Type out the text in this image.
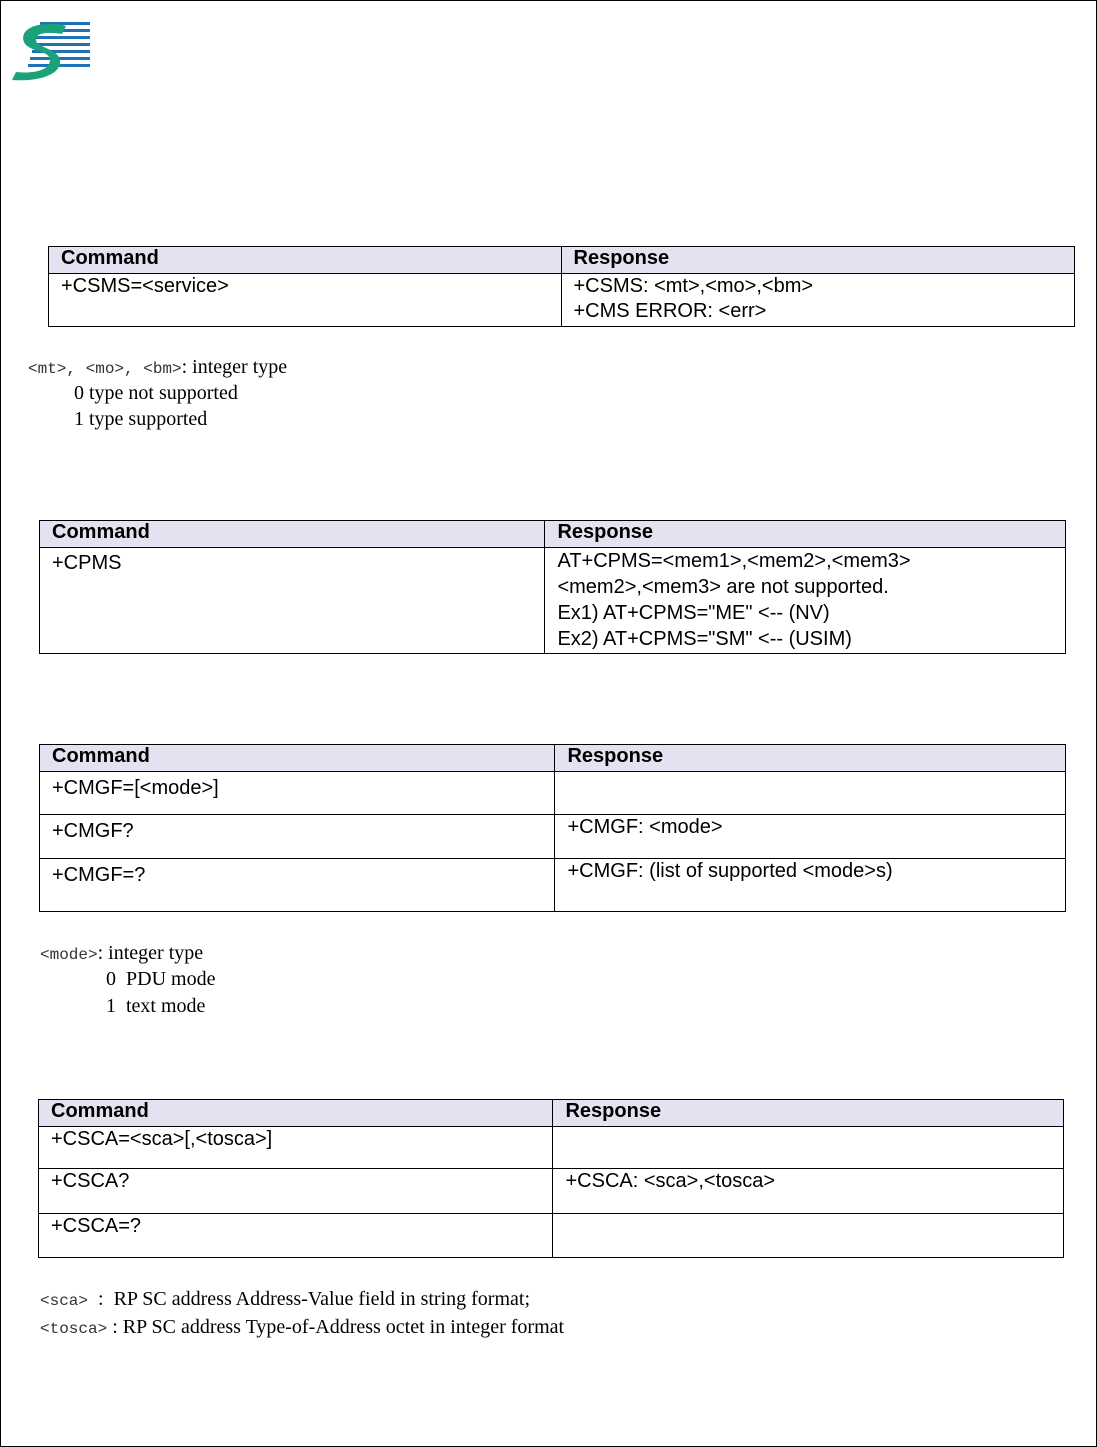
Command	Response

+CSMS=<service>	+CSMS: <mt>,<mo>,<bm>
+CMS ERROR: <err>
<mt>, <mo>, <bm>: integer type
0 type not supported
1 type supported
Command	Response

+CPMS	AT+CPMS=<mem1>,<mem2>,<mem3>
<mem2>,<mem3> are not supported.
Ex1) AT+CPMS="ME" <-- (NV)
Ex2) AT+CPMS="SM" <-- (USIM)
Command	Response

+CMGF=[<mode>]	

+CMGF?	+CMGF: <mode>

+CMGF=?	+CMGF: (list of supported <mode>s)
<mode>: integer type
0  PDU mode
1  text mode
Command	Response

+CSCA=<sca>[,<tosca>]	

+CSCA?	+CSCA: <sca>,<tosca>

+CSCA=?	

<sca>  :  RP SC address Address-Value field in string format;
<tosca> : RP SC address Type-of-Address octet in integer format
